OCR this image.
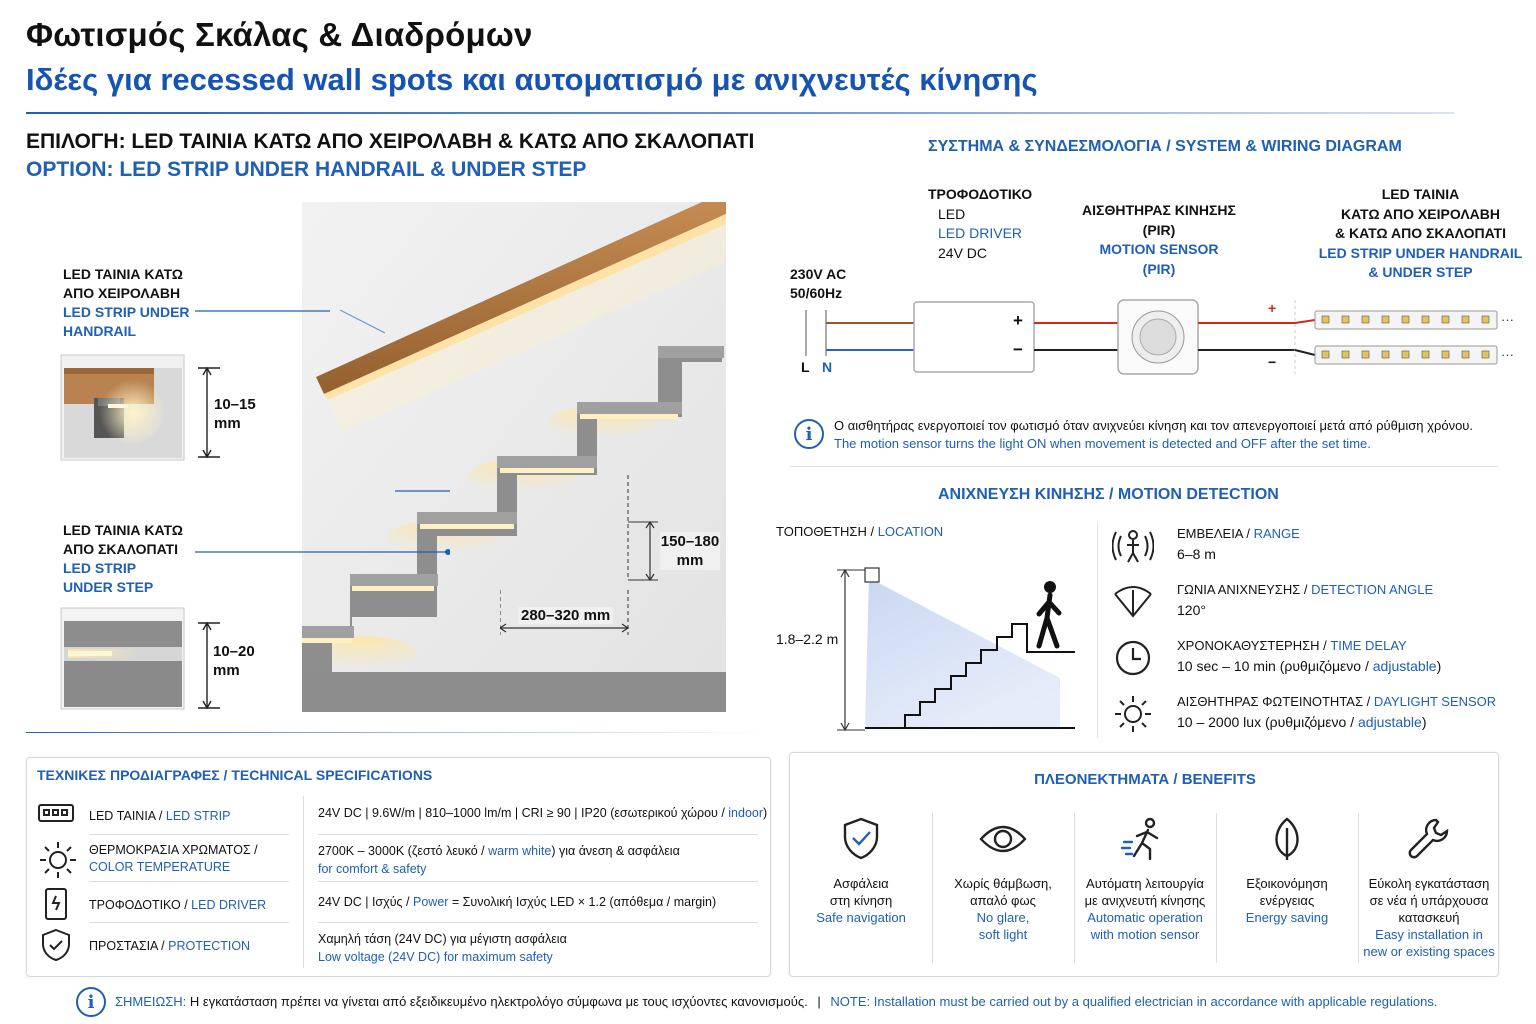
Φωτισμός Σκάλας & Διαδρόμων
Ιδέες για recessed wall spots και αυτοματισμό με ανιχνευτές κίνησης
ΕΠΙΛΟΓΗ: LED ΤΑΙΝΙΑ ΚΑΤΩ ΑΠΟ ΧΕΙΡΟΛΑΒΗ & ΚΑΤΩ ΑΠΟ ΣΚΑΛΟΠΑΤΙ
OPTION: LED STRIP UNDER HANDRAIL & UNDER STEP
LED ΤΑΙΝΙΑ ΚΑΤΩ
ΑΠΟ ΧΕΙΡΟΛΑΒΗ
LED STRIP UNDER
HANDRAIL
10–15
mm
LED ΤΑΙΝΙΑ ΚΑΤΩ
ΑΠΟ ΣΚΑΛΟΠΑΤΙ
LED STRIP
UNDER STEP
10–20
mm
150–180
mm
280–320 mm
ΣΥΣΤΗΜΑ & ΣΥΝΔΕΣΜΟΛΟΓΙΑ / SYSTEM & WIRING DIAGRAM
230V AC
50/60Hz
ΤΡΟΦΟΔΟΤΙΚΟ
LED
LED DRIVER
24V DC
ΑΙΣΘΗΤΗΡΑΣ ΚΙΝΗΣΗΣ
(PIR)
MOTION SENSOR
(PIR)
LED ΤΑΙΝΙΑ
ΚΑΤΩ ΑΠΟ ΧΕΙΡΟΛΑΒΗ
& ΚΑΤΩ ΑΠΟ ΣΚΑΛΟΠΑΤΙ
LED STRIP UNDER HANDRAIL
& UNDER STEP
···
···
+
−
+
−
L N
i	Ο αισθητήρας ενεργοποιεί τον φωτισμό όταν ανιχνεύει κίνηση και τον απενεργοποιεί μετά από ρύθμιση χρόνου.
The motion sensor turns the light ON when movement is detected and OFF after the set time.
ΑΝΙΧΝΕΥΣΗ ΚΙΝΗΣΗΣ / MOTION DETECTION
ΤΟΠΟΘΕΤΗΣΗ / LOCATION
1.8–2.2 m
ΕΜΒΕΛΕΙΑ / RANGE
6–8 m
ΓΩΝΙΑ ΑΝΙΧΝΕΥΣΗΣ / DETECTION ANGLE
120°
ΧΡΟΝΟΚΑΘΥΣΤΕΡΗΣΗ / TIME DELAY
10 sec – 10 min (ρυθμιζόμενο / adjustable)
ΑΙΣΘΗΤΗΡΑΣ ΦΩΤΕΙΝΟΤΗΤΑΣ / DAYLIGHT SENSOR
10 – 2000 lux (ρυθμιζόμενο / adjustable)
ΤΕΧΝΙΚΕΣ ΠΡΟΔΙΑΓΡΑΦΕΣ / TECHNICAL SPECIFICATIONS
LED ΤΑΙΝΙΑ / LED STRIP	24V DC | 9.6W/m | 810–1000 lm/m | CRI ≥ 90 | IP20 (εσωτερικού χώρου / indoor)
ΘΕΡΜΟΚΡΑΣΙΑ ΧΡΩΜΑΤΟΣ /
COLOR TEMPERATURE
2700K – 3000K (ζεστό λευκό / warm white) για άνεση & ασφάλεια
for comfort & safety
ΤΡΟΦΟΔΟΤΙΚΟ / LED DRIVER	24V DC | Ισχύς / Power = Συνολική Ισχύς LED × 1.2 (απόθεμα / margin)
ΠΡΟΣΤΑΣΙΑ / PROTECTION	Χαμηλή τάση (24V DC) για μέγιστη ασφάλεια
Low voltage (24V DC) for maximum safety
ΠΛΕΟΝΕΚΤΗΜΑΤΑ / BENEFITS
Ασφάλεια
στη κίνηση
Safe navigation
Χωρίς θάμβωση,
απαλό φως
No glare,
soft light
Αυτόματη λειτουργία
με ανιχνευτή κίνησης
Automatic operation
with motion sensor
Εξοικονόμηση
ενέργειας
Energy saving
Εύκολη εγκατάσταση
σε νέα ή υπάρχουσα
κατασκευή
Easy installation in
new or existing spaces
i	ΣΗΜΕΙΩΣΗ: Η εγκατάσταση πρέπει να γίνεται από εξειδικευμένο ηλεκτρολόγο σύμφωνα με τους ισχύοντες κανονισμούς. | NOTE: Installation must be carried out by a qualified electrician in accordance with applicable regulations.
